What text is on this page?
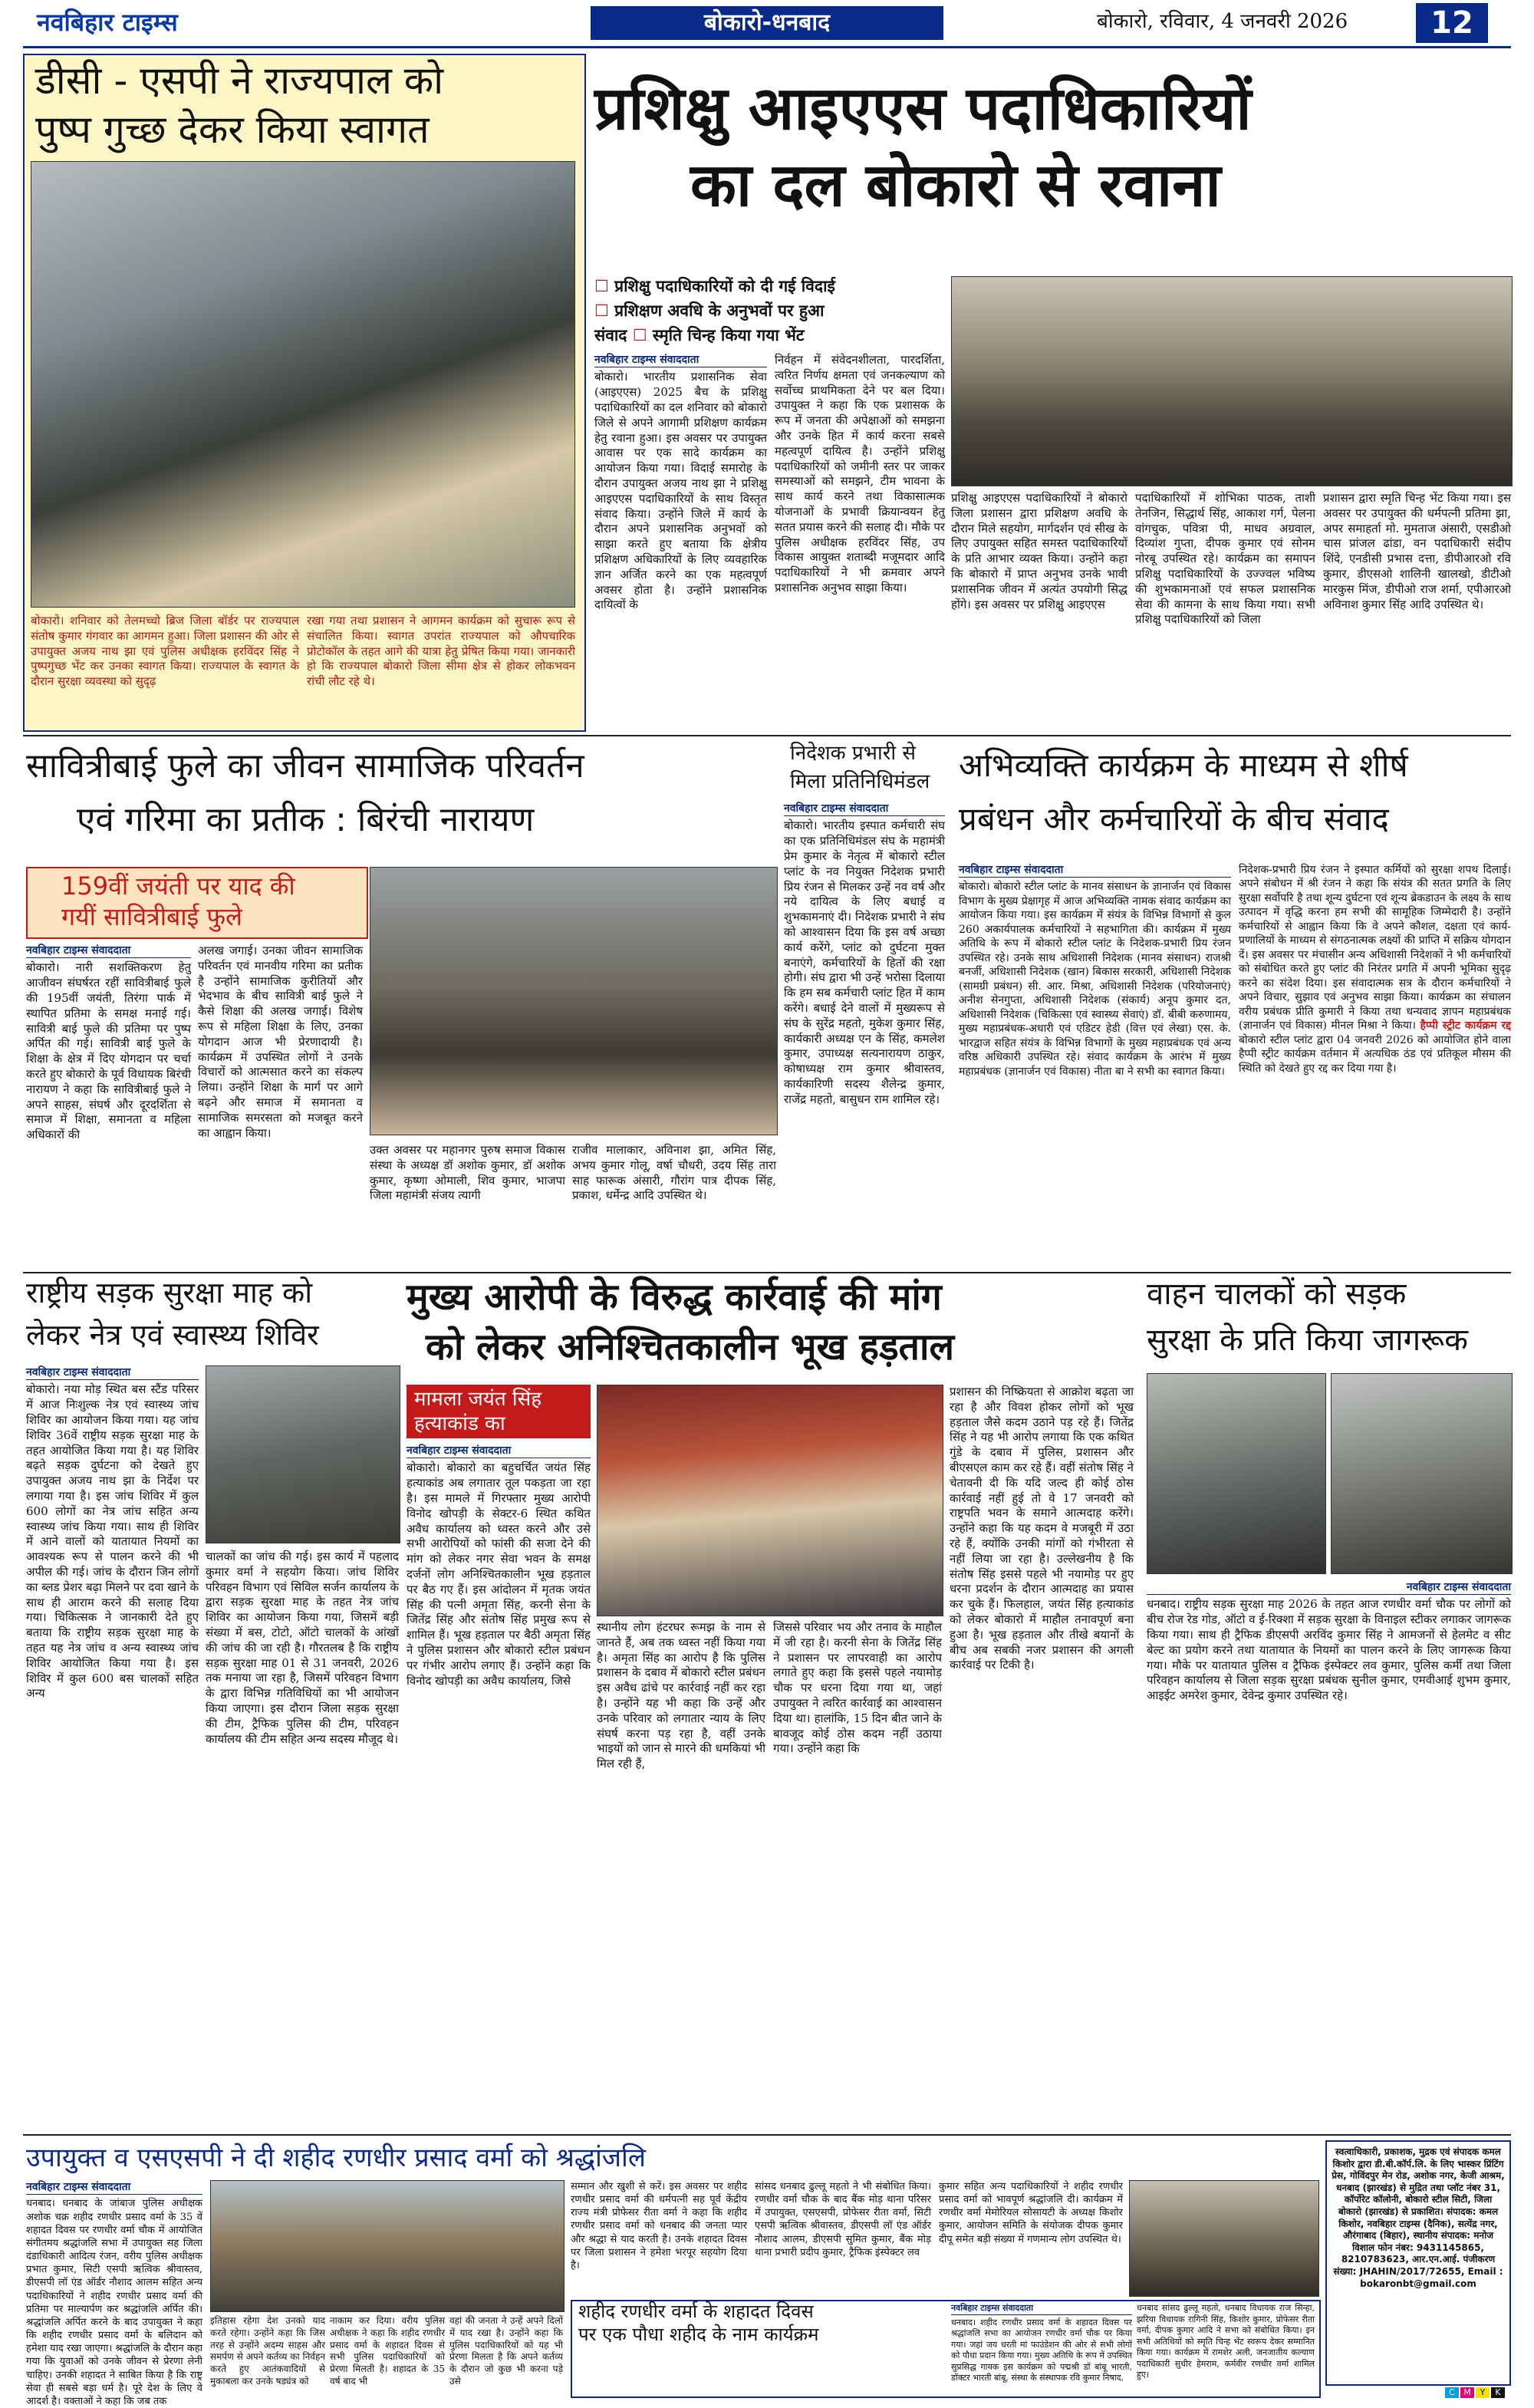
नवबिहार टाइम्स	बोकारो-धनबाद	बोकारो, रविवार, 4 जनवरी 2026	12
डीसी - एसपी ने राज्यपाल को
पुष्प गुच्छ देकर किया स्वागत
बोकारो। शनिवार को तेलमच्चो ब्रिज जिला बॉर्डर पर राज्यपाल संतोष कुमार गंगवार का आगमन हुआ। जिला प्रशासन की ओर से उपायुक्त अजय नाथ झा एवं पुलिस अधीक्षक हरविंदर सिंह ने पुष्पगुच्छ भेंट कर उनका स्वागत किया। राज्यपाल के स्वागत के दौरान सुरक्षा व्यवस्था को सुदृढ़
रखा गया तथा प्रशासन ने आगमन कार्यक्रम को सुचारू रूप से संचालित किया। स्वागत उपरांत राज्यपाल को औपचारिक प्रोटोकॉल के तहत आगे की यात्रा हेतु प्रेषित किया गया। जानकारी हो कि राज्यपाल बोकारो जिला सीमा क्षेत्र से होकर लोकभवन रांची लौट रहे थे।
प्रशिक्षु आइएएस पदाधिकारियों
का दल बोकारो से रवाना
☐ प्रशिक्षु पदाधिकारियों को दी गई विदाई
☐ प्रशिक्षण अवधि के अनुभवों पर हुआ
संवाद ☐ स्मृति चिन्ह किया गया भेंट
नवबिहार टाइम्स संवाददाता
बोकारो। भारतीय प्रशासनिक सेवा (आइएएस) 2025 बैच के प्रशिक्षु पदाधिकारियों का दल शनिवार को बोकारो जिले से अपने आगामी प्रशिक्षण कार्यक्रम हेतु रवाना हुआ। इस अवसर पर उपायुक्त आवास पर एक सादे कार्यक्रम का आयोजन किया गया। विदाई समारोह के दौरान उपायुक्त अजय नाथ झा ने प्रशिक्षु आइएएस पदाधिकारियों के साथ विस्तृत संवाद किया। उन्होंने जिले में कार्य के दौरान अपने प्रशासनिक अनुभवों को साझा करते हुए बताया कि क्षेत्रीय प्रशिक्षण अधिकारियों के लिए व्यवहारिक ज्ञान अर्जित करने का एक महत्वपूर्ण अवसर होता है। उन्होंने प्रशासनिक दायित्वों के
निर्वहन में संवेदनशीलता, पारदर्शिता, त्वरित निर्णय क्षमता एवं जनकल्याण को सर्वोच्च प्राथमिकता देने पर बल दिया। उपायुक्त ने कहा कि एक प्रशासक के रूप में जनता की अपेक्षाओं को समझना और उनके हित में कार्य करना सबसे महत्वपूर्ण दायित्व है। उन्होंने प्रशिक्षु पदाधिकारियों को जमीनी स्तर पर जाकर समस्याओं को समझने, टीम भावना के साथ कार्य करने तथा विकासात्मक योजनाओं के प्रभावी क्रियान्वयन हेतु सतत प्रयास करने की सलाह दी। मौके पर पुलिस अधीक्षक हरविंदर सिंह, उप विकास आयुक्त शताब्दी मजूमदार आदि पदाधिकारियों ने भी क्रमवार अपने प्रशासनिक अनुभव साझा किया।
प्रशिक्षु आइएएस पदाधिकारियों ने बोकारो जिला प्रशासन द्वारा प्रशिक्षण अवधि के दौरान मिले सहयोग, मार्गदर्शन एवं सीख के लिए उपायुक्त सहित समस्त पदाधिकारियों के प्रति आभार व्यक्त किया। उन्होंने कहा कि बोकारो में प्राप्त अनुभव उनके भावी प्रशासनिक जीवन में अत्यंत उपयोगी सिद्ध होंगे। इस अवसर पर प्रशिक्षु आइएएस
पदाधिकारियों में शोभिका पाठक, ताशी तेनजिन, सिद्धार्थ सिंह, आकाश गर्ग, पेलना वांगचुक, पवित्रा पी, माधव अग्रवाल, दिव्यांश गुप्ता, दीपक कुमार एवं सोनम नोरबू उपस्थित रहे। कार्यक्रम का समापन प्रशिक्षु पदाधिकारियों के उज्ज्वल भविष्य की शुभकामनाओं एवं सफल प्रशासनिक सेवा की कामना के साथ किया गया। सभी प्रशिक्षु पदाधिकारियों को जिला
प्रशासन द्वारा स्मृति चिन्ह भेंट किया गया। इस अवसर पर उपायुक्त की धर्मपत्नी प्रतिमा झा, अपर समाहर्ता मो. मुमताज अंसारी, एसडीओ चास प्रांजल ढांडा, वन पदाधिकारी संदीप शिंदे, एनडीसी प्रभास दत्ता, डीपीआरओ रवि कुमार, डीएसओ शालिनी खालखो, डीटीओ मारकुस मिंज, डीपीओ राज शर्मा, एपीआरओ अविनाश कुमार सिंह आदि उपस्थित थे।
सावित्रीबाई फुले का जीवन सामाजिक परिवर्तन
एवं गरिमा का प्रतीक : बिरंची नारायण
159वीं जयंती पर याद की
गयीं सावित्रीबाई फुले
नवबिहार टाइम्स संवाददाता
बोकारो। नारी सशक्तिकरण हेतु आजीवन संघर्षरत रहीं सावित्रीबाई फुले की 195वीं जयंती, तिरंगा पार्क में स्थापित प्रतिमा के समक्ष मनाई गई। सावित्री बाई फुले की प्रतिमा पर पुष्प अर्पित की गई। सावित्री बाई फुले के शिक्षा के क्षेत्र में दिए योगदान पर चर्चा करते हुए बोकारो के पूर्व विधायक बिरंची नारायण ने कहा कि सावित्रीबाई फुले ने अपने साहस, संघर्ष और दूरदर्शिता से समाज में शिक्षा, समानता व महिला अधिकारों की
अलख जगाई। उनका जीवन सामाजिक परिवर्तन एवं मानवीय गरिमा का प्रतीक है उन्होंने सामाजिक कुरीतियों और भेदभाव के बीच सावित्री बाई फुले ने कैसे शिक्षा की अलख जगाई। विशेष रूप से महिला शिक्षा के लिए, उनका योगदान आज भी प्रेरणादायी है। कार्यक्रम में उपस्थित लोगों ने उनके विचारों को आत्मसात करने का संकल्प लिया। उन्होंने शिक्षा के मार्ग पर आगे बढ़ने और समाज में समानता व सामाजिक समरसता को मजबूत करने का आह्वान किया।
उक्त अवसर पर महानगर पुरुष समाज विकास संस्था के अध्यक्ष डॉ अशोक कुमार, डॉ अशोक कुमार, कृष्णा ओमाली, शिव कुमार, भाजपा जिला महामंत्री संजय त्यागी
राजीव मालाकार, अविनाश झा, अमित सिंह, अभय कुमार गोलू, वर्षा चौधरी, उदय सिंह तारा साह फारूक अंसारी, गौरांग पात्र दीपक सिंह, प्रकाश, धर्मेन्द्र आदि उपस्थित थे।
निदेशक प्रभारी से
मिला प्रतिनिधिमंडल
नवबिहार टाइम्स संवाददाता
बोकारो। भारतीय इस्पात कर्मचारी संघ का एक प्रतिनिधिमंडल संघ के महामंत्री प्रेम कुमार के नेतृत्व में बोकारो स्टील प्लांट के नव नियुक्त निदेशक प्रभारी प्रिय रंजन से मिलकर उन्हें नव वर्ष और नये दायित्व के लिए बधाई व शुभकामनाएं दी। निदेशक प्रभारी ने संघ को आश्वासन दिया कि इस वर्ष अच्छा कार्य करेंगे, प्लांट को दुर्घटना मुक्त बनाएंगे, कर्मचारियों के हितों की रक्षा होगी। संघ द्वारा भी उन्हें भरोसा दिलाया कि हम सब कर्मचारी प्लांट हित में काम करेंगे। बधाई देने वालों में मुख्यरूप से संघ के सुरेंद्र महतो, मुकेश कुमार सिंह, कार्यकारी अध्यक्ष एन के सिंह, कमलेश कुमार, उपाध्यक्ष सत्यनारायण ठाकुर, कोषाध्यक्ष राम कुमार श्रीवास्तव, कार्यकारिणी सदस्य शैलेन्द्र कुमार, राजेंद्र महतो, बासुधन राम शामिल रहे।
अभिव्यक्ति कार्यक्रम के माध्यम से शीर्ष
प्रबंधन और कर्मचारियों के बीच संवाद
नवबिहार टाइम्स संवाददाता
बोकारो। बोकारो स्टील प्लांट के मानव संसाधन के ज्ञानार्जन एवं विकास विभाग के मुख्य प्रेक्षागृह में आज अभिव्यक्ति नामक संवाद कार्यक्रम का आयोजन किया गया। इस कार्यक्रम में संयंत्र के विभिन्न विभागों से कुल 260 अकार्यपालक कर्मचारियों ने सहभागिता की। कार्यक्रम में मुख्य अतिथि के रूप में बोकारो स्टील प्लांट के निदेशक-प्रभारी प्रिय रंजन उपस्थित रहे। उनके साथ अधिशासी निदेशक (मानव संसाधन) राजश्री बनर्जी, अधिशासी निदेशक (खान) बिकास सरकारी, अधिशासी निदेशक (सामग्री प्रबंधन) सी. आर. मिश्रा, अधिशासी निदेशक (परियोजनाएं) अनीश सेनगुप्ता, अधिशासी निदेशक (संकार्य) अनूप कुमार दत, अधिशासी निदेशक (चिकित्सा एवं स्वास्थ्य सेवाएं) डॉ. बीबी करुणामय, मुख्य महाप्रबंधक-अधारी एवं एडिटर हेडी (वित्त एवं लेखा) एस. के. भारद्वाज सहित संयंत्र के विभिन्न विभागों के मुख्य महाप्रबंधक एवं अन्य वरिष्ठ अधिकारी उपस्थित रहे। संवाद कार्यक्रम के आरंभ में मुख्य महाप्रबंधक (ज्ञानार्जन एवं विकास) नीता बा ने सभी का स्वागत किया।
निदेशक-प्रभारी प्रिय रंजन ने इस्पात कर्मियों को सुरक्षा शपथ दिलाई। अपने संबोधन में श्री रंजन ने कहा कि संयंत्र की सतत प्रगति के लिए सुरक्षा सर्वोपरि है तथा शून्य दुर्घटना एवं शून्य ब्रेकडाउन के लक्ष्य के साथ उत्पादन में वृद्धि करना हम सभी की सामूहिक जिम्मेदारी है। उन्होंने कर्मचारियों से आह्वान किया कि वे अपने कौशल, दक्षता एवं कार्य-प्रणालियों के माध्यम से संगठनात्मक लक्ष्यों की प्राप्ति में सक्रिय योगदान दें। इस अवसर पर मंचासीन अन्य अधिशासी निदेशकों ने भी कर्मचारियों को संबोधित करते हुए प्लांट की निरंतर प्रगति में अपनी भूमिका सुदृढ़ करने का संदेश दिया। इस संवादात्मक सत्र के दौरान कर्मचारियों ने अपने विचार, सुझाव एवं अनुभव साझा किया। कार्यक्रम का संचालन वरीय प्रबंधक प्रीति कुमारी ने किया तथा धन्यवाद ज्ञापन महाप्रबंधक (ज्ञानार्जन एवं विकास) मीनल मिश्रा ने किया। हैप्पी स्ट्रीट कार्यक्रम रद्द बोकारो स्टील प्लांट द्वारा 04 जनवरी 2026 को आयोजित होने वाला हैप्पी स्ट्रीट कार्यक्रम वर्तमान में अत्यधिक ठंड एवं प्रतिकूल मौसम की स्थिति को देखते हुए रद्द कर दिया गया है।
राष्ट्रीय सड़क सुरक्षा माह को
लेकर नेत्र एवं स्वास्थ्य शिविर
नवबिहार टाइम्स संवाददाता
बोकारो। नया मोड़ स्थित बस स्टैंड परिसर में आज निःशुल्क नेत्र एवं स्वास्थ्य जांच शिविर का आयोजन किया गया। यह जांच शिविर 36वें राष्ट्रीय सड़क सुरक्षा माह के तहत आयोजित किया गया है। यह शिविर बढ़ते सड़क दुर्घटना को देखते हुए उपायुक्त अजय नाथ झा के निर्देश पर लगाया गया है। इस जांच शिविर में कुल 600 लोगों का नेत्र जांच सहित अन्य स्वास्थ्य जांच किया गया। साथ ही शिविर में आने वालों को यातायात नियमों का आवश्यक रूप से पालन करने की भी अपील की गई। जांच के दौरान जिन लोगों का ब्लड प्रेशर बढ़ा मिलने पर दवा खाने के साथ ही आराम करने की सलाह दिया गया। चिकित्सक ने जानकारी देते हुए बताया कि राष्ट्रीय सड़क सुरक्षा माह के तहत यह नेत्र जांच व अन्य स्वास्थ्य जांच शिविर आयोजित किया गया है। इस शिविर में कुल 600 बस चालकों सहित अन्य
चालकों का जांच की गई। इस कार्य में पहलाद कुमार वर्मा ने सहयोग किया। जांच शिविर परिवहन विभाग एवं सिविल सर्जन कार्यालय के द्वारा सड़क सुरक्षा माह के तहत नेत्र जांच शिविर का आयोजन किया गया, जिसमें बड़ी संख्या में बस, टोटो, ऑटो चालकों के आंखों की जांच की जा रही है। गौरतलब है कि राष्ट्रीय सड़क सुरक्षा माह 01 से 31 जनवरी, 2026 तक मनाया जा रहा है, जिसमें परिवहन विभाग के द्वारा विभिन्न गतिविधियों का भी आयोजन किया जाएगा। इस दौरान जिला सड़क सुरक्षा की टीम, ट्रैफिक पुलिस की टीम, परिवहन कार्यालय की टीम सहित अन्य सदस्य मौजूद थे।
मुख्य आरोपी के विरुद्ध कार्रवाई की मांग
को लेकर अनिश्चितकालीन भूख हड़ताल
मामला जयंत सिंह
हत्याकांड का
नवबिहार टाइम्स संवाददाता
बोकारो। बोकारो का बहुचर्चित जयंत सिंह हत्याकांड अब लगातार तूल पकड़ता जा रहा है। इस मामले में गिरफ्तार मुख्य आरोपी विनोद खोपड़ी के सेक्टर-6 स्थित कथित अवैध कार्यालय को ध्वस्त करने और उसे सभी आरोपियों को फांसी की सजा देने की मांग को लेकर नगर सेवा भवन के समक्ष दर्जनों लोग अनिश्चितकालीन भूख हड़ताल पर बैठ गए हैं। इस आंदोलन में मृतक जयंत सिंह की पत्नी अमृता सिंह, करनी सेना के जितेंद्र सिंह और संतोष सिंह प्रमुख रूप से शामिल हैं। भूख हड़ताल पर बैठी अमृता सिंह ने पुलिस प्रशासन और बोकारो स्टील प्रबंधन पर गंभीर आरोप लगाए हैं। उन्होंने कहा कि विनोद खोपड़ी का अवैध कार्यालय, जिसे
स्थानीय लोग हंटरघर रूमझ के नाम से जानते हैं, अब तक ध्वस्त नहीं किया गया है। अमृता सिंह का आरोप है कि पुलिस प्रशासन के दबाव में बोकारो स्टील प्रबंधन इस अवैध ढांचे पर कार्रवाई नहीं कर रहा है। उन्होंने यह भी कहा कि उन्हें और उनके परिवार को लगातार न्याय के लिए संघर्ष करना पड़ रहा है, वहीं उनके भाइयों को जान से मारने की धमकियां भी मिल रही हैं,
जिससे परिवार भय और तनाव के माहौल में जी रहा है। करनी सेना के जितेंद्र सिंह ने प्रशासन पर लापरवाही का आरोप लगाते हुए कहा कि इससे पहले नयामोड़ चौक पर धरना दिया गया था, जहां उपायुक्त ने त्वरित कार्रवाई का आश्वासन दिया था। हालांकि, 15 दिन बीत जाने के बावजूद कोई ठोस कदम नहीं उठाया गया। उन्होंने कहा कि
प्रशासन की निष्क्रियता से आक्रोश बढ़ता जा रहा है और विवश होकर लोगों को भूख हड़ताल जैसे कदम उठाने पड़ रहे हैं। जितेंद्र सिंह ने यह भी आरोप लगाया कि एक कथित गुंडे के दबाव में पुलिस, प्रशासन और बीएसएल काम कर रहे हैं। वहीं संतोष सिंह ने चेतावनी दी कि यदि जल्द ही कोई ठोस कार्रवाई नहीं हुई तो वे 17 जनवरी को राष्ट्रपति भवन के समाने आत्मदाह करेंगे। उन्होंने कहा कि यह कदम वे मजबूरी में उठा रहे हैं, क्योंकि उनकी मांगों को गंभीरता से नहीं लिया जा रहा है। उल्लेखनीय है कि संतोष सिंह इससे पहले भी नयामोड़ पर हुए धरना प्रदर्शन के दौरान आत्मदाह का प्रयास कर चुके हैं। फिलहाल, जयंत सिंह हत्याकांड को लेकर बोकारो में माहौल तनावपूर्ण बना हुआ है। भूख हड़ताल और तीखे बयानों के बीच अब सबकी नजर प्रशासन की अगली कार्रवाई पर टिकी है।
वाहन चालकों को सड़क
सुरक्षा के प्रति किया जागरूक
नवबिहार टाइम्स संवाददाता
धनबाद। राष्ट्रीय सड़क सुरक्षा माह 2026 के तहत आज रणधीर वर्मा चौक पर लोगों को बीच रोज रेड गोड, ऑटो व ई-रिक्शा में सड़क सुरक्षा के विनाइल स्टीकर लगाकर जागरूक किया गया। साथ ही ट्रैफिक डीएसपी अरविंद कुमार सिंह ने आमजनों से हेलमेट व सीट बेल्ट का प्रयोग करने तथा यातायात के नियमों का पालन करने के लिए जागरूक किया गया। मौके पर यातायात पुलिस व ट्रैफिक इंस्पेक्टर लव कुमार, पुलिस कर्मी तथा जिला परिवहन कार्यालय से जिला सड़क सुरक्षा प्रबंधक सुनील कुमार, एमवीआई शुभम कुमार, आइईट अमरेश कुमार, देवेन्द्र कुमार उपस्थित रहे।
स्वत्वाधिकारी, प्रकाशक, मुद्रक एवं संपादक कमल किशोर द्वारा डी.बी.कॉर्प.लि. के लिए भास्कर प्रिंटिंग प्रेस, गोविंदपुर मेन रोड, अशोक नगर, केजी आश्रम, धनबाद (झारखंड) से मुद्रित तथा प्लॉट नंबर 31, कॉर्पोरेट कॉलोनी, बोकारो स्टील सिटी, जिला बोकारो (झारखंड) से प्रकाशित। संपादक: कमल किशोर, नवबिहार टाइम्स (दैनिक), सत्येंद्र नगर, औरंगाबाद (बिहार), स्थानीय संपादक: मनोज विशाल फोन नंबर: 9431145865, 8210783623, आर.एन.आई. पंजीकरण संख्या: JHAHIN/2017/72655, Email : bokaronbt@gmail.com
उपायुक्त व एसएसपी ने दी शहीद रणधीर प्रसाद वर्मा को श्रद्धांजलि
नवबिहार टाइम्स संवाददाता
धनबाद। धनबाद के जांबाज पुलिस अधीक्षक अशोक चक्र शहीद रणधीर प्रसाद वर्मा के 35 वें शहादत दिवस पर रणधीर वर्मा चौक में आयोजित संगीतमय श्रद्धांजलि सभा में उपायुक्त सह जिला दंडाधिकारी आदित्य रंजन, वरीय पुलिस अधीक्षक प्रभात कुमार, सिटी एसपी ऋत्विक श्रीवास्तव, डीएसपी लॉ एंड ऑर्डर नौशाद आलम सहित अन्य पदाधिकारियों ने शहीद रणधीर प्रसाद वर्मा की प्रतिमा पर माल्यार्पण कर श्रद्धांजलि अर्पित की। श्रद्धांजलि अर्पित करने के बाद उपायुक्त ने कहा कि शहीद रणधीर प्रसाद वर्मा के बलिदान को हमेशा याद रखा जाएगा। श्रद्धांजलि के दौरान कहा गया कि युवाओं को उनके जीवन से प्रेरणा लेनी चाहिए। उनकी शहादत ने साबित किया है कि राष्ट्र सेवा ही सबसे बड़ा धर्म है। पूरे देश के लिए वे आदर्श है। वक्ताओं ने कहा कि जब तक
इतिहास रहेगा देश उनको याद करते रहेगा। उन्होंने कहा कि जिस तरह से उन्होंने अदम्य साहस और समर्पण से अपने कर्तव्य का निर्वहन करते हुए आतंकवादियों से मुकाबला कर उनके षड्यंत्र को
नाकाम कर दिया। वरीय पुलिस अधीक्षक ने कहा कि शहीद रणधीर प्रसाद वर्मा के शहादत दिवस से सभी पुलिस पदाधिकारियों को प्रेरणा मिलती है। शहादत के 35 वर्ष बाद भी
वहां की जनता ने उन्हें अपने दिलों में याद रखा है। उन्होंने कहा कि पुलिस पदाधिकारियों को यह भी प्रेरणा मिलता है कि अपने कर्तव्य के दौरान जो कुछ भी करना पड़े उसे
सम्मान और खुशी से करें। इस अवसर पर शहीद रणधीर प्रसाद वर्मा की धर्मपत्नी सह पूर्व केंद्रीय राज्य मंत्री प्रोफेसर रीता वर्मा ने कहा कि शहीद रणधीर प्रसाद वर्मा को धनबाद की जनता प्यार और श्रद्धा से याद करती है। उनके शहादत दिवस पर जिला प्रशासन ने हमेशा भरपूर सहयोग दिया है।
सांसद धनबाद ढुल्लू महतो ने भी संबोधित किया। रणधीर वर्मा चौक के बाद बैंक मोड़ थाना परिसर में उपायुक्त, एसएसपी, प्रोफेसर रीता वर्मा, सिटी एसपी ऋत्विक श्रीवास्तव, डीएसपी लॉ एंड ऑर्डर नौशाद आलम, डीएसपी सुमित कुमार, बैंक मोड़ थाना प्रभारी प्रदीप कुमार, ट्रैफिक इंस्पेक्टर लव
कुमार सहित अन्य पदाधिकारियों ने शहीद रणधीर प्रसाद वर्मा को भावपूर्ण श्रद्धांजलि दी। कार्यक्रम में रणधीर वर्मा मेमोरियल सोसायटी के अध्यक्ष किशोर कुमार, आयोजन समिति के संयोजक दीपक कुमार दीपू समेत बड़ी संख्या में गणमान्य लोग उपस्थित थे।
शहीद रणधीर वर्मा के शहादत दिवस
पर एक पौधा शहीद के नाम कार्यक्रम
नवबिहार टाइम्स संवाददाता
धनबाद। शहीद रणधीर प्रसाद वर्मा के शहादत दिवस पर श्रद्धांजलि सभा का आयोजन रणधीर वर्मा चौक पर किया गया। जहां जय धरती मां फाउंडेशन की ओर से सभी लोगों को पौधा प्रदान किया गया। मुख्य अतिथि के रूप में उपस्थित सुप्रसिद्ध गायक इस कार्यक्रम को पद्मश्री डॉ बांबू भारती, डॉक्टर भारती बांबू, संस्था के संस्थापक रवि कुमार निषाद,
धनबाद सांसद ढुल्लू महतो, धनबाद विधायक राज सिन्हा, झरिया विधायक रागिनी सिंह, किशोर कुमार, प्रोफेसर रीता वर्मा, दीपक कुमार आदि ने सभा को संबोधित किया। इन सभी अतिथियों को स्मृति चिन्ह भेंट स्वरूप देकर सम्मानित किया गया। कार्यक्रम में रामशेर अली, जनजातीय कल्याण पदाधिकारी सुधीर हेमराम, कर्मवीर रणधीर वर्मा शामिल हुए।
C	M	Y	K
